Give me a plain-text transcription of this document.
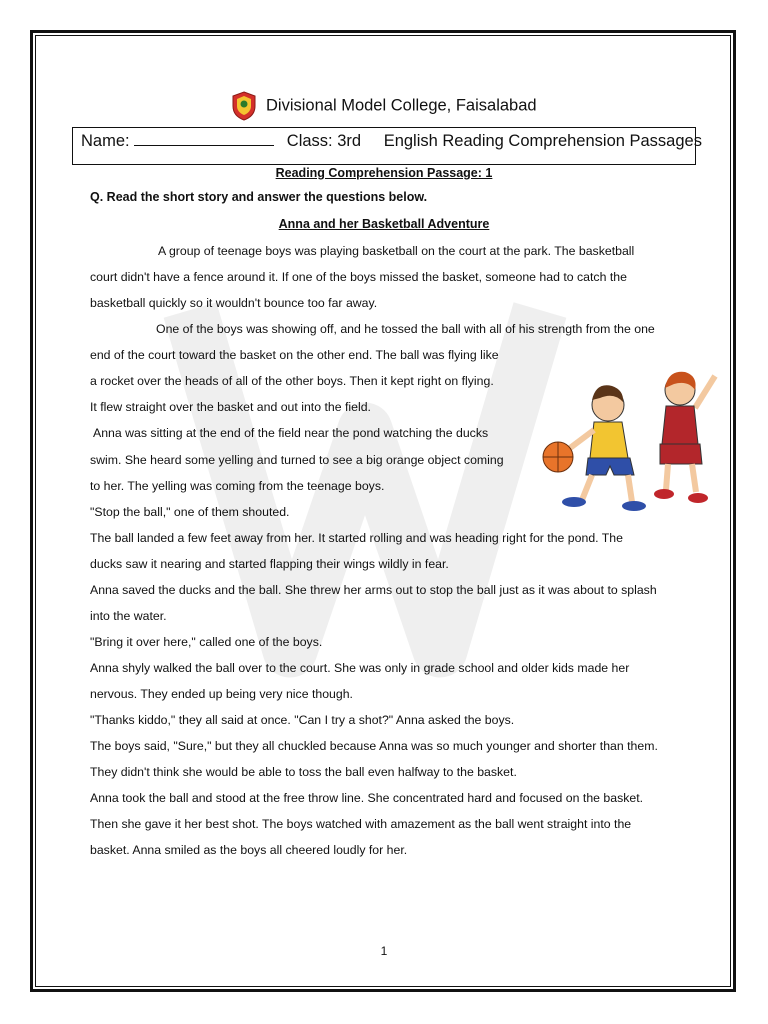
Divisional Model College, Faisalabad
Name:	Class: 3rd English Reading Comprehension Passages
Reading Comprehension Passage: 1
Q. Read the short story and answer the questions below.
Anna and her Basketball Adventure
A group of teenage boys was playing basketball on the court at the park. The basketball
court didn't have a fence around it. If one of the boys missed the basket, someone had to catch the
basketball quickly so it wouldn't bounce too far away.
One of the boys was showing off, and he tossed the ball with all of his strength from the one
end of the court toward the basket on the other end. The ball was flying like
a rocket over the heads of all of the other boys. Then it kept right on flying.
It flew straight over the basket and out into the field.
Anna was sitting at the end of the field near the pond watching the ducks
swim. She heard some yelling and turned to see a big orange object coming
to her. The yelling was coming from the teenage boys.
"Stop the ball," one of them shouted.
The ball landed a few feet away from her. It started rolling and was heading right for the pond. The
ducks saw it nearing and started flapping their wings wildly in fear.
Anna saved the ducks and the ball. She threw her arms out to stop the ball just as it was about to splash
into the water.
"Bring it over here," called one of the boys.
Anna shyly walked the ball over to the court. She was only in grade school and older kids made her
nervous. They ended up being very nice though.
"Thanks kiddo," they all said at once. "Can I try a shot?" Anna asked the boys.
The boys said, "Sure," but they all chuckled because Anna was so much younger and shorter than them.
They didn't think she would be able to toss the ball even halfway to the basket.
Anna took the ball and stood at the free throw line. She concentrated hard and focused on the basket.
Then she gave it her best shot. The boys watched with amazement as the ball went straight into the
basket. Anna smiled as the boys all cheered loudly for her.
1
